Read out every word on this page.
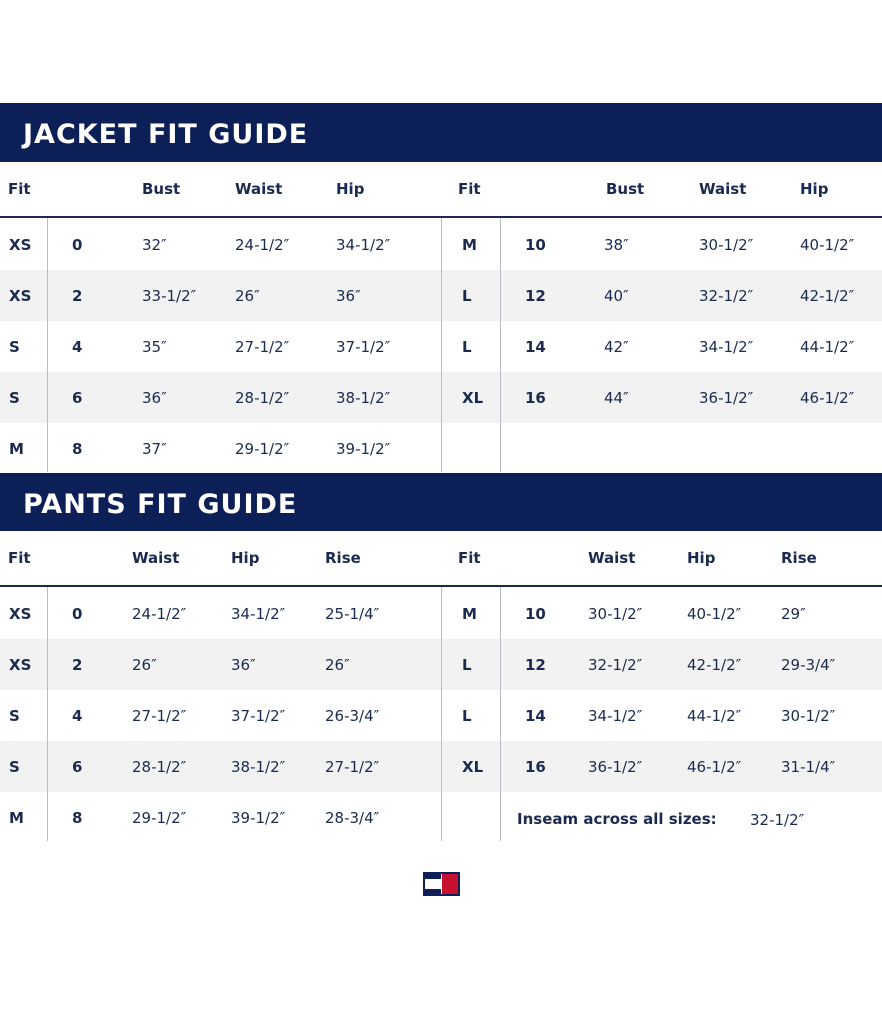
JACKET FIT GUIDE
Fit	Bust	Waist	Hip	Fit	Bust	Waist	Hip
XS	0	32″	24-1/2″	34-1/2″	M	10	38″	30-1/2″	40-1/2″
XS	2	33-1/2″	26″	36″	L	12	40″	32-1/2″	42-1/2″
S	4	35″	27-1/2″	37-1/2″	L	14	42″	34-1/2″	44-1/2″
S	6	36″	28-1/2″	38-1/2″	XL	16	44″	36-1/2″	46-1/2″
M	8	37″	29-1/2″	39-1/2″
PANTS FIT GUIDE
Fit	Waist	Hip	Rise	Fit	Waist	Hip	Rise
XS	0	24-1/2″	34-1/2″	25-1/4″	M	10	30-1/2″	40-1/2″	29″
XS	2	26″	36″	26″	L	12	32-1/2″	42-1/2″	29-3/4″
S	4	27-1/2″	37-1/2″	26-3/4″	L	14	34-1/2″	44-1/2″	30-1/2″
S	6	28-1/2″	38-1/2″	27-1/2″	XL	16	36-1/2″	46-1/2″	31-1/4″
M	8	29-1/2″	39-1/2″	28-3/4″	Inseam across all sizes: 32-1/2″
